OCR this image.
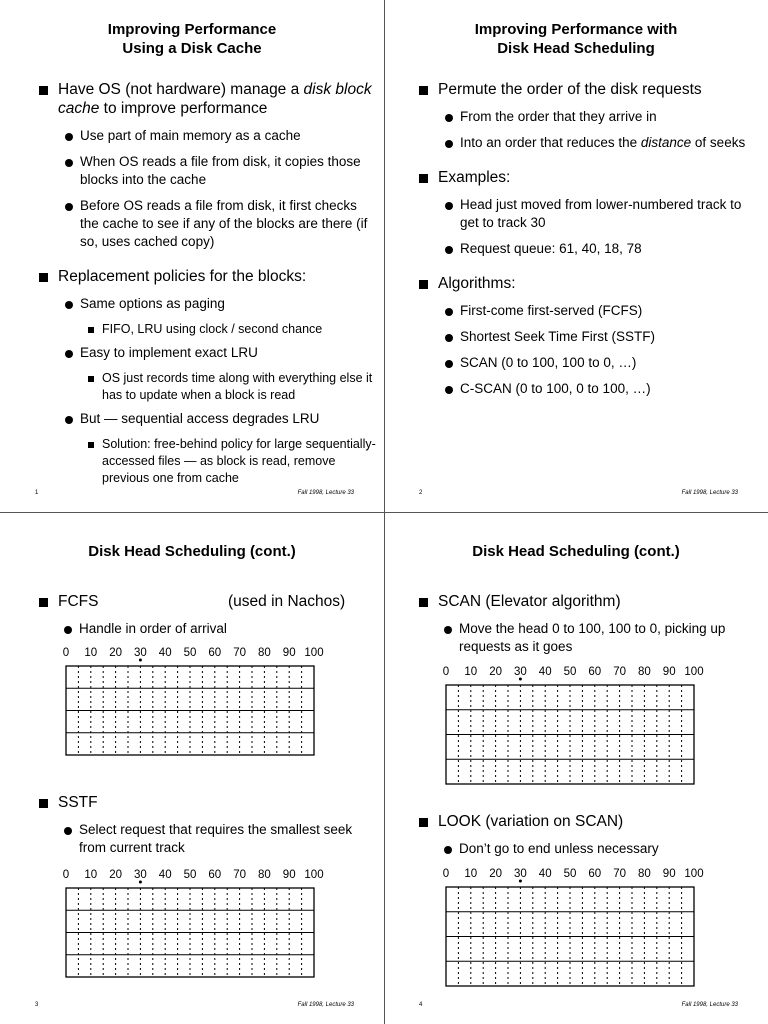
Improving Performance
Using a Disk Cache
Have OS (not hardware) manage a disk block cache to improve performance
Use part of main memory as a cache
When OS reads a file from disk, it copies those blocks into the cache
Before OS reads a file from disk, it first checks the cache to see if any of the blocks are there (if so, uses cached copy)
Replacement policies for the blocks:
Same options as paging
FIFO, LRU using clock / second chance
Easy to implement exact LRU
OS just records time along with everything else it has to update when a block is read
But — sequential access degrades LRU
Solution: free-behind policy for large sequentially-accessed files — as block is read, remove previous one from cache
1	Fall 1998, Lecture 33
Improving Performance with
Disk Head Scheduling
Permute the order of the disk requests
From the order that they arrive in
Into an order that reduces the distance of seeks
Examples:
Head just moved from lower-numbered track to get to track 30
Request queue: 61, 40, 18, 78
Algorithms:
First-come first-served (FCFS)
Shortest Seek Time First (SSTF)
SCAN (0 to 100, 100 to 0, …)
C-SCAN (0 to 100, 0 to 100, …)
2	Fall 1998, Lecture 33
Disk Head Scheduling (cont.)
FCFS	(used in Nachos)
Handle in order of arrival
0 10 20 30 40 50 60 70 80 90 100
SSTF
Select request that requires the smallest seek from current track
0 10 20 30 40 50 60 70 80 90 100
3	Fall 1998, Lecture 33
Disk Head Scheduling (cont.)
SCAN (Elevator algorithm)
Move the head 0 to 100, 100 to 0, picking up requests as it goes
0 10 20 30 40 50 60 70 80 90 100
LOOK (variation on SCAN)
Don’t go to end unless necessary
0 10 20 30 40 50 60 70 80 90 100
4	Fall 1998, Lecture 33
